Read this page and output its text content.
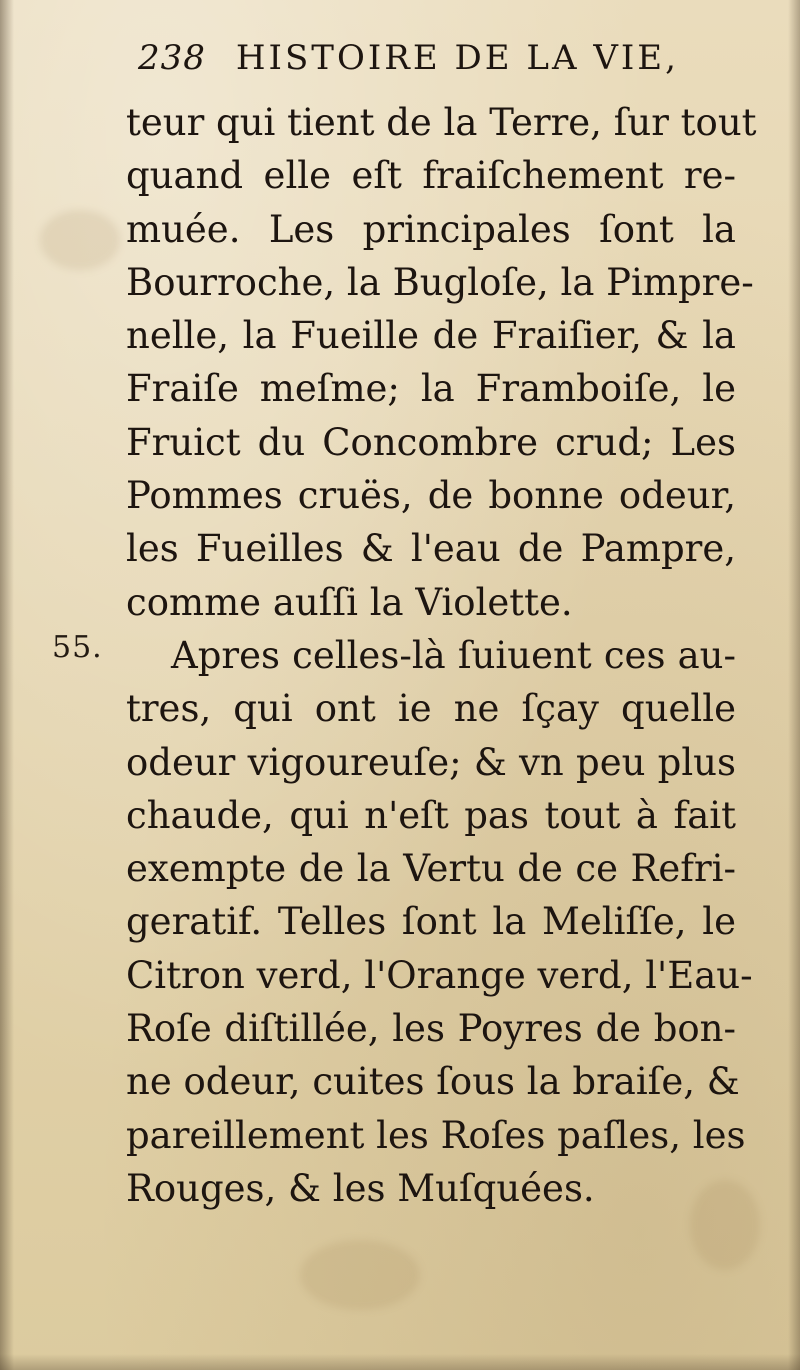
238 HISTOIRE DE LA VIE,
55.
teur qui tient de la Terre, ſur tout
quand elle eſt fraiſchement re-
muée. Les principales ſont la
Bourroche, la Bugloſe, la Pimpre-
nelle, la Fueille de Fraiſier, & la
Fraiſe meſme; la Framboiſe, le
Fruict du Concombre crud; Les
Pommes cruës, de bonne odeur,
les Fueilles & l'eau de Pampre,
comme auſſi la Violette.
Apres celles-là ſuiuent ces au-
tres, qui ont ie ne ſçay quelle
odeur vigoureuſe; & vn peu plus
chaude, qui n'eſt pas tout à fait
exempte de la Vertu de ce Refri-
geratif. Telles ſont la Meliſſe, le
Citron verd, l'Orange verd, l'Eau-
Roſe diſtillée, les Poyres de bon-
ne odeur, cuites ſous la braiſe, &
pareillement les Roſes paſles, les
Rouges, & les Muſquées.
